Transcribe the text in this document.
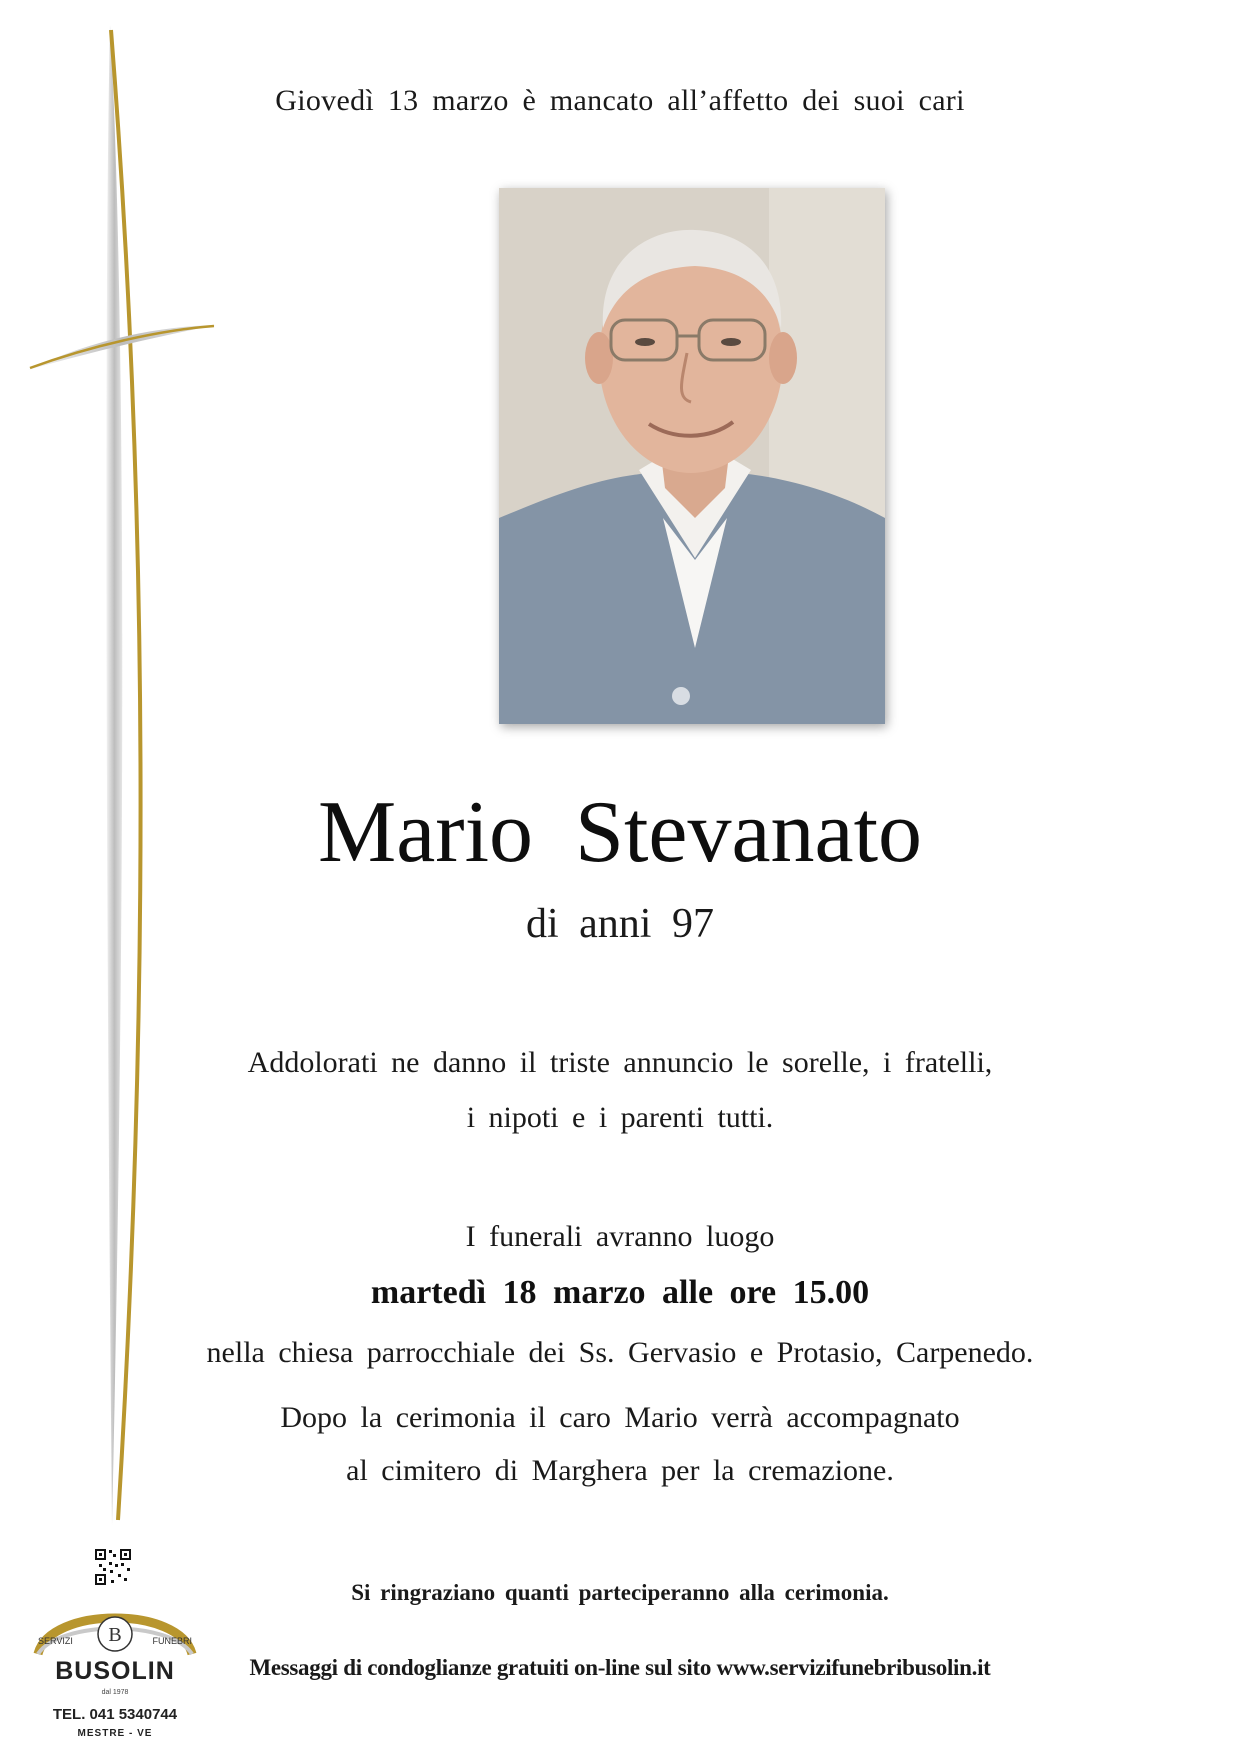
Giovedì 13 marzo è mancato all’affetto dei suoi cari
Mario Stevanato
di anni 97
Addolorati ne danno il triste annuncio le sorelle, i fratelli,
i nipoti e i parenti tutti.
I funerali avranno luogo
martedì 18 marzo alle ore 15.00
nella chiesa parrocchiale dei Ss. Gervasio e Protasio, Carpenedo.
Dopo la cerimonia il caro Mario verrà accompagnato
al cimitero di Marghera per la cremazione.
Si ringraziano quanti parteciperanno alla cerimonia.
Messaggi di condoglianze gratuiti on-line sul sito www.servizifunebribusolin.it
B
SERVIZI	FUNEBRI
BUSOLIN
dal 1978
TEL. 041 5340744
MESTRE - VE
